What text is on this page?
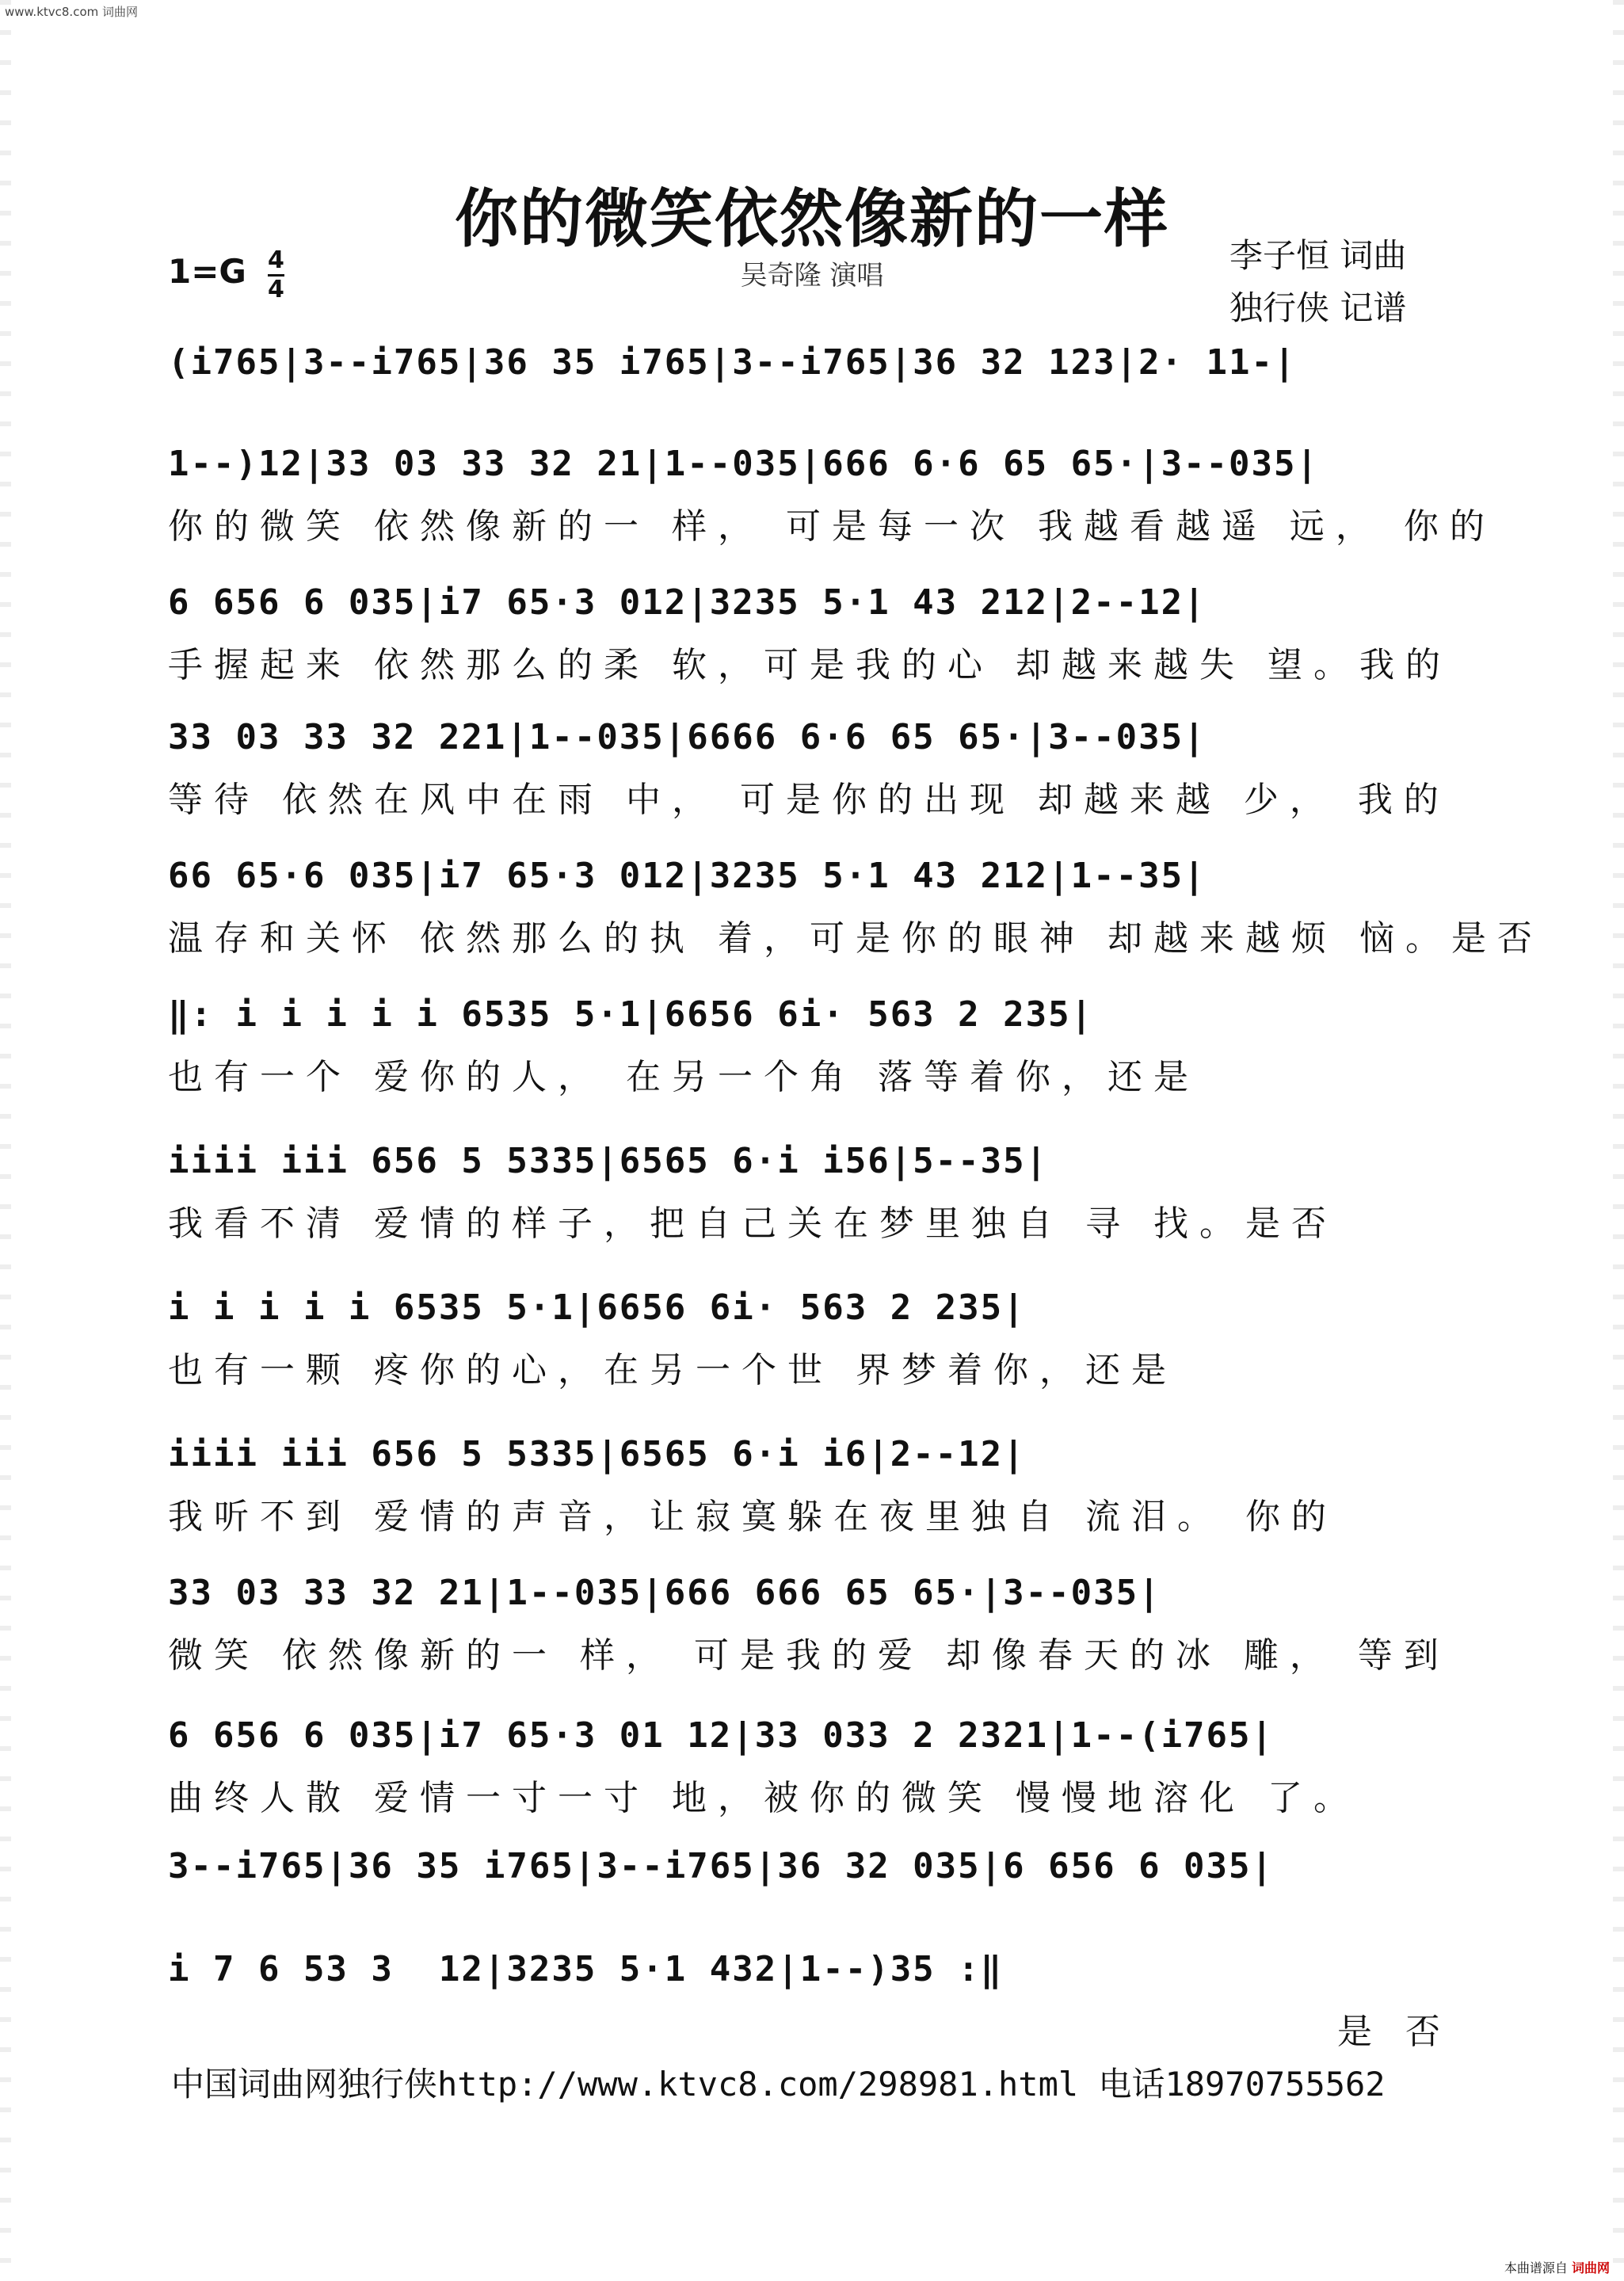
www.ktvc8.com 词曲网
你的微笑依然像新的一样
吴奇隆 演唱
李子恒 词曲
独行侠 记谱
1=G 4
4
(i765|3--i765|36 35 i765|3--i765|36 32 123|2· 11-|
1--)12|33 03 33 32 21|1--035|666 6·6 65 65·|3--035|
你的微笑 依然像新的一 样， 可是每一次 我越看越遥 远， 你的
6 656 6 035|i7 65·3 012|3235 5·1 43 212|2--12|
手握起来 依然那么的柔 软，可是我的心 却越来越失 望。我的
33 03 33 32 221|1--035|6666 6·6 65 65·|3--035|
等待 依然在风中在雨 中， 可是你的出现 却越来越 少， 我的
66 65·6 035|i7 65·3 012|3235 5·1 43 212|1--35|
温存和关怀 依然那么的执 着，可是你的眼神 却越来越烦 恼。是否
‖: i i i i i 6535 5·1|6656 6i· 563 2 235|
也有一个 爱你的人， 在另一个角 落等着你，还是
iiii iii 656 5 5335|6565 6·i i56|5--35|
我看不清 爱情的样子，把自己关在梦里独自 寻 找。是否
i i i i i 6535 5·1|6656 6i· 563 2 235|
也有一颗 疼你的心，在另一个世 界梦着你，还是
iiii iii 656 5 5335|6565 6·i i6|2--12|
我听不到 爱情的声音，让寂寞躲在夜里独自 流泪。 你的
33 03 33 32 21|1--035|666 666 65 65·|3--035|
微笑 依然像新的一 样， 可是我的爱 却像春天的冰 雕， 等到
6 656 6 035|i7 65·3 01 12|33 033 2 2321|1--(i765|
曲终人散 爱情一寸一寸 地，被你的微笑 慢慢地溶化 了。
3--i765|36 35 i765|3--i765|36 32 035|6 656 6 035|
i 7 6 53 3  12|3235 5·1 432|1--)35 :‖
是 否
中国词曲网独行侠http://www.ktvc8.com/298981.html 电话18970755562
本曲谱源自 词曲网
